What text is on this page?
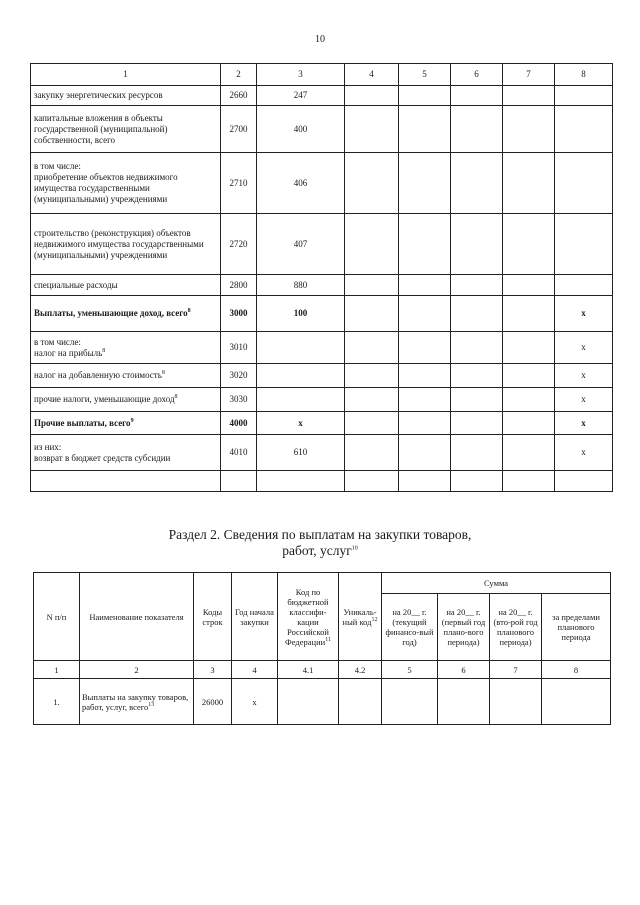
10
1	2	3	4	5	6	7	8
закупку энергетических ресурсов	2660	247					
капитальные вложения в объекты государственной (муниципальной) собственности, всего	2700	400					
в том числе:
приобретение объектов недвижимого имущества государственными (муниципальными) учреждениями	2710	406					
строительство (реконструкция) объектов недвижимого имущества государственными (муниципальными) учреждениями	2720	407					
специальные расходы	2800	880					
Выплаты, уменьшающие доход, всего$^8$	3000	100					х
в том числе:
налог на прибыль$^8$	3010						х
налог на добавленную стоимость$^8$	3020						х
прочие налоги, уменьшающие доход$^8$	3030						х
Прочие выплаты, всего$^9$	4000	х					х
из них:
возврат в бюджет средств субсидии	4010	610					х

Раздел 2. Сведения по выплатам на закупки товаров,
работ, услуг$^{10}$
N п/п	Наименование показателя	Коды строк	Год начала закупки	Код по бюджетной классифи-кации Российской Федерации$^{11}$	Уникаль-ный код$^{12}$	Сумма			
						на 20__ г. (текущий финансо-вый год)	на 20__ г. (первый год плано-вого периода)	на 20__ г. (вто-рой год планового периода)	за пределами планового периода
1	2	3	4	4.1	4.2	5	6	7	8
1.	Выплаты на закупку товаров, работ, услуг, всего$^{13}$	26000	х						
